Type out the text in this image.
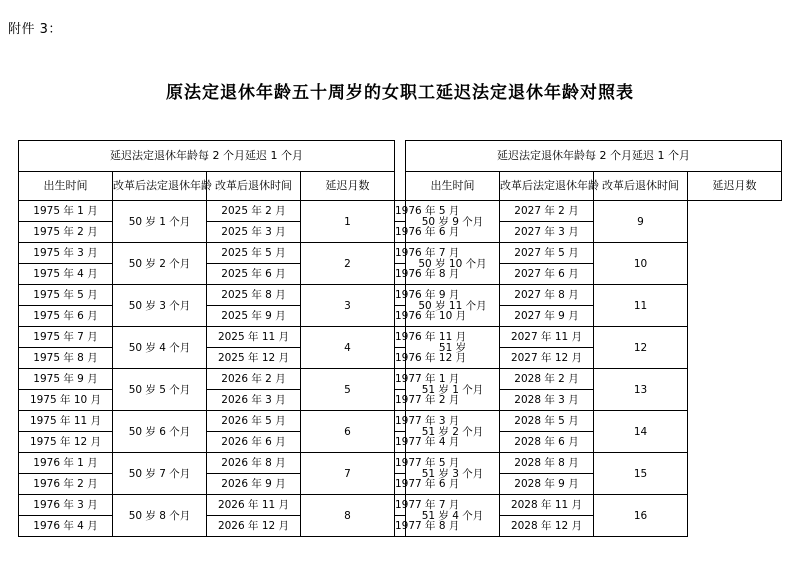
附件 3：
原法定退休年龄五十周岁的女职工延迟法定退休年龄对照表
延迟法定退休年龄每 2 个月延迟 1 个月					延迟法定退休年龄每 2 个月延迟 1 个月			
出生时间	改革后法定退休年龄	改革后退休时间	延迟月数		出生时间	改革后法定退休年龄	改革后退休时间	延迟月数
1975 年 1 月	50 岁 1 个月	2025 年 2 月	1	1976 年 5 月	50 岁 9 个月	2027 年 2 月	9	
1975 年 2 月		2025 年 3 月		1976 年 6 月		2027 年 3 月		
1975 年 3 月	50 岁 2 个月	2025 年 5 月	2	1976 年 7 月	50 岁 10 个月	2027 年 5 月	10	
1975 年 4 月		2025 年 6 月		1976 年 8 月		2027 年 6 月		
1975 年 5 月	50 岁 3 个月	2025 年 8 月	3	1976 年 9 月	50 岁 11 个月	2027 年 8 月	11	
1975 年 6 月		2025 年 9 月		1976 年 10 月		2027 年 9 月		
1975 年 7 月	50 岁 4 个月	2025 年 11 月	4	1976 年 11 月	51 岁	2027 年 11 月	12	
1975 年 8 月		2025 年 12 月		1976 年 12 月		2027 年 12 月		
1975 年 9 月	50 岁 5 个月	2026 年 2 月	5	1977 年 1 月	51 岁 1 个月	2028 年 2 月	13	
1975 年 10 月		2026 年 3 月		1977 年 2 月		2028 年 3 月		
1975 年 11 月	50 岁 6 个月	2026 年 5 月	6	1977 年 3 月	51 岁 2 个月	2028 年 5 月	14	
1975 年 12 月		2026 年 6 月		1977 年 4 月		2028 年 6 月		
1976 年 1 月	50 岁 7 个月	2026 年 8 月	7	1977 年 5 月	51 岁 3 个月	2028 年 8 月	15	
1976 年 2 月		2026 年 9 月		1977 年 6 月		2028 年 9 月		
1976 年 3 月	50 岁 8 个月	2026 年 11 月	8	1977 年 7 月	51 岁 4 个月	2028 年 11 月	16	
1976 年 4 月		2026 年 12 月		1977 年 8 月		2028 年 12 月		
